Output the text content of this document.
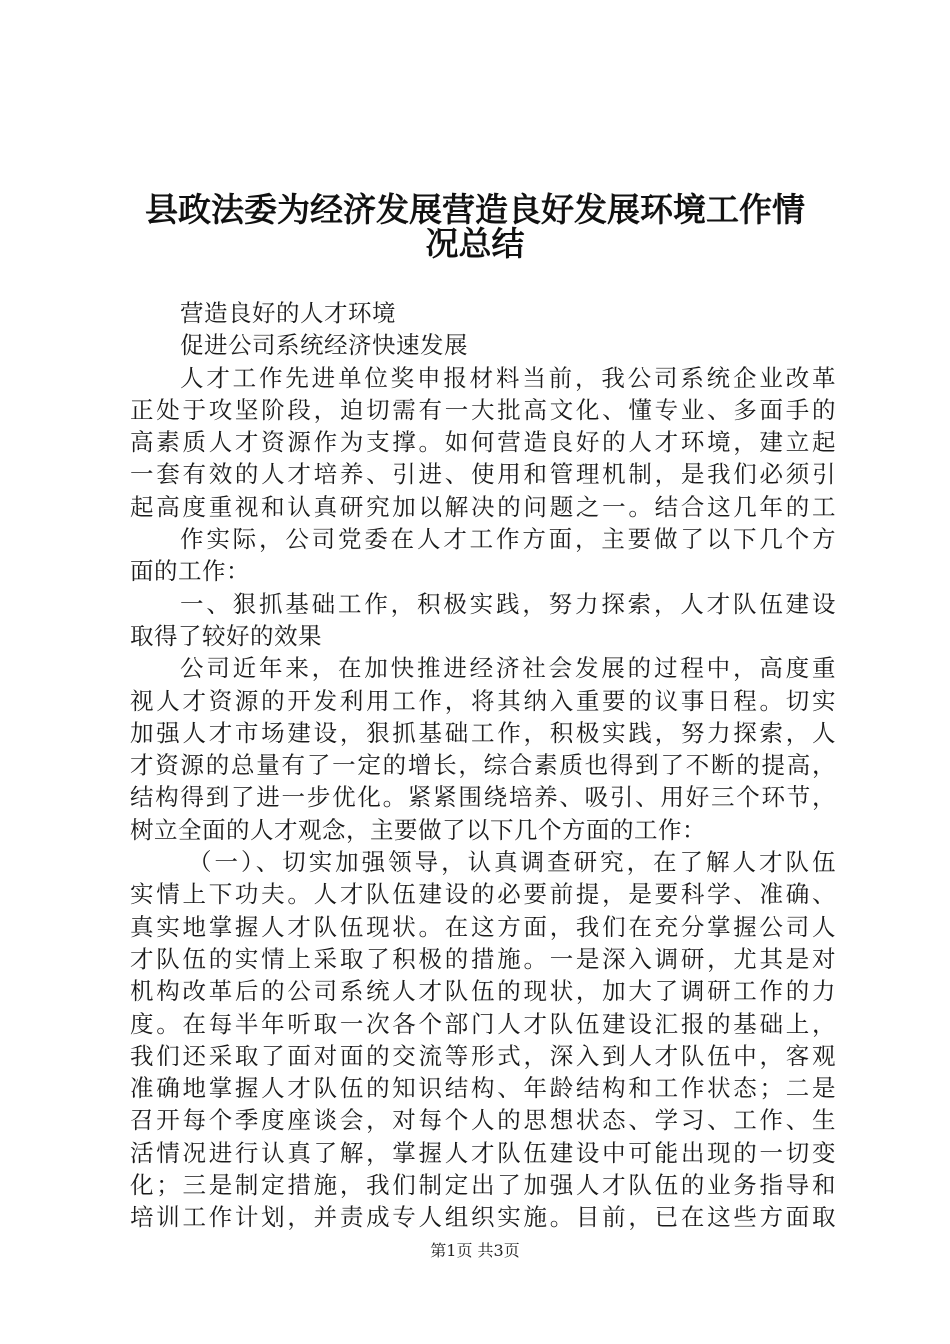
县政法委为经济发展营造良好发展环境工作情
况总结
营造良好的人才环境
促进公司系统经济快速发展
人才工作先进单位奖申报材料当前，我公司系统企业改革
正处于攻坚阶段，迫切需有一大批高文化、懂专业、多面手的
高素质人才资源作为支撑。如何营造良好的人才环境，建立起
一套有效的人才培养、引进、使用和管理机制，是我们必须引
起高度重视和认真研究加以解决的问题之一。结合这几年的工
作实际，公司党委在人才工作方面，主要做了以下几个方
面的工作：
一、狠抓基础工作，积极实践，努力探索，人才队伍建设
取得了较好的效果
公司近年来，在加快推进经济社会发展的过程中，高度重
视人才资源的开发利用工作，将其纳入重要的议事日程。切实
加强人才市场建设，狠抓基础工作，积极实践，努力探索，人
才资源的总量有了一定的增长，综合素质也得到了不断的提高，
结构得到了进一步优化。紧紧围绕培养、吸引、用好三个环节，
树立全面的人才观念，主要做了以下几个方面的工作：
（一）、切实加强领导，认真调查研究，在了解人才队伍
实情上下功夫。人才队伍建设的必要前提，是要科学、准确、
真实地掌握人才队伍现状。在这方面，我们在充分掌握公司人
才队伍的实情上采取了积极的措施。一是深入调研，尤其是对
机构改革后的公司系统人才队伍的现状，加大了调研工作的力
度。在每半年听取一次各个部门人才队伍建设汇报的基础上，
我们还采取了面对面的交流等形式，深入到人才队伍中，客观
准确地掌握人才队伍的知识结构、年龄结构和工作状态；二是
召开每个季度座谈会，对每个人的思想状态、学习、工作、生
活情况进行认真了解，掌握人才队伍建设中可能出现的一切变
化；三是制定措施，我们制定出了加强人才队伍的业务指导和
培训工作计划，并责成专人组织实施。目前，已在这些方面取
第1页 共3页
